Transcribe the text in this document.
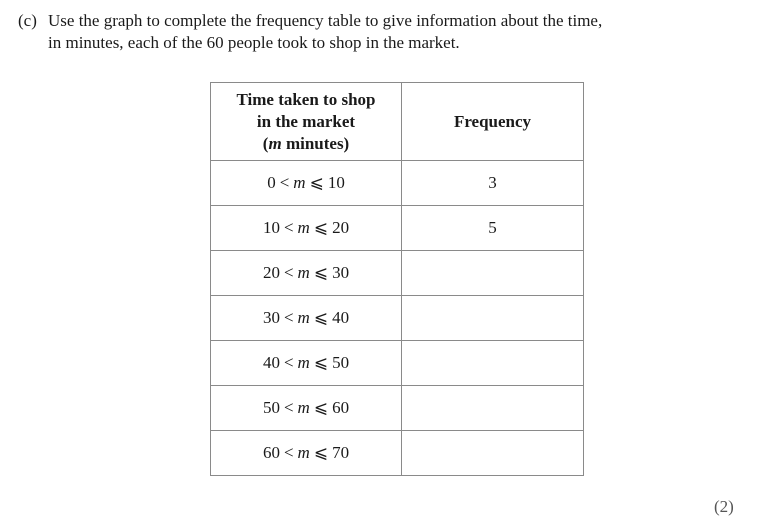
(c) Use the graph to complete the frequency table to give information about the time,
in minutes, each of the 60 people took to shop in the market.
Time taken to shop
in the market
(m minutes)	Frequency
0 < m ⩽ 10	3
10 < m ⩽ 20	5
20 < m ⩽ 30	
30 < m ⩽ 40	
40 < m ⩽ 50	
50 < m ⩽ 60	
60 < m ⩽ 70	
(2)
